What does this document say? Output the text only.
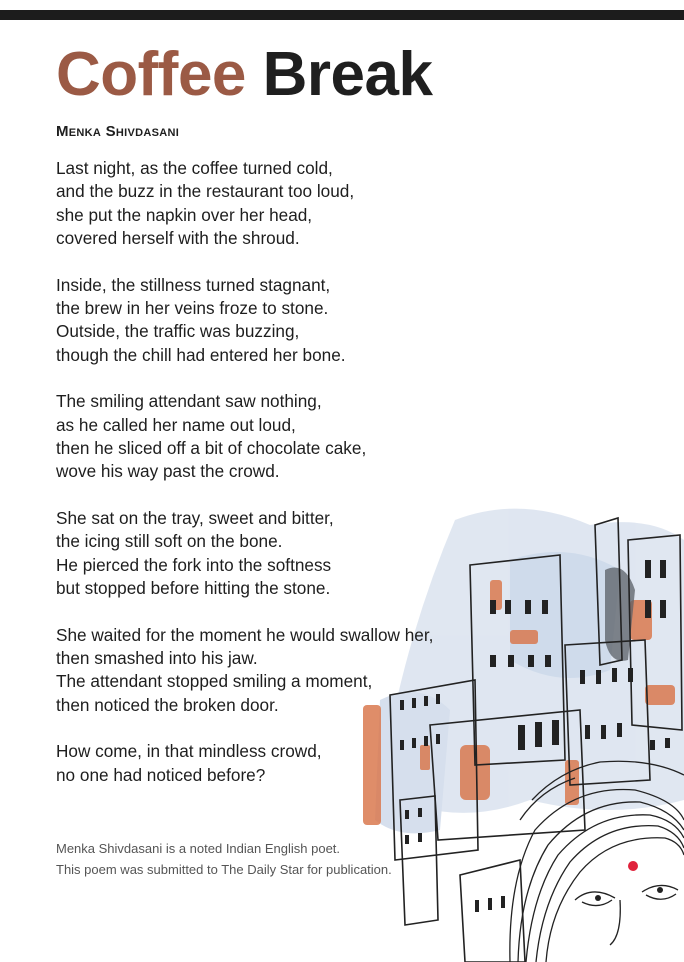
Coffee Break
Menka Shivdasani

Last night, as the coffee turned cold,
and the buzz in the restaurant too loud,
she put the napkin over her head,
covered herself with the shroud.

Inside, the stillness turned stagnant,
the brew in her veins froze to stone.
Outside, the traffic was buzzing,
though the chill had entered her bone.

The smiling attendant saw nothing,
as he called her name out loud,
then he sliced off a bit of chocolate cake,
wove his way past the crowd.

She sat on the tray, sweet and bitter,
the icing still soft on the bone.
He pierced the fork into the softness
but stopped before hitting the stone.

She waited for the moment he would swallow her,
then smashed into his jaw.
The attendant stopped smiling a moment,
then noticed the broken door.

How come, in that mindless crowd,
no one had noticed before?

Menka Shivdasani is a noted Indian English poet.
This poem was submitted to The Daily Star for publication.
